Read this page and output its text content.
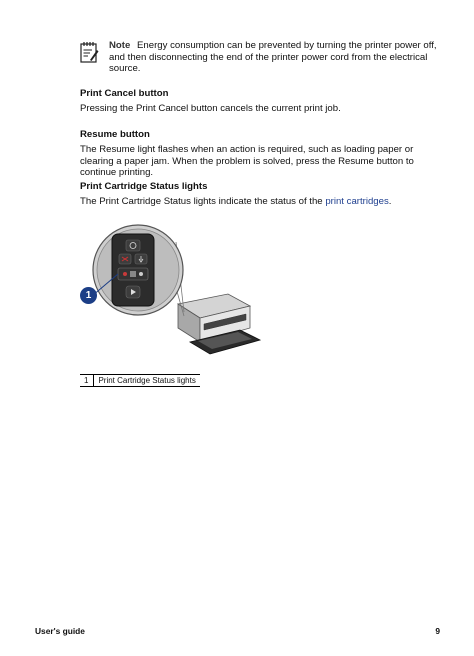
Note Energy consumption can be prevented by turning the printer power off, and then disconnecting the end of the printer power cord from the electrical source.
Print Cancel button
Pressing the Print Cancel button cancels the current print job.
Resume button
The Resume light flashes when an action is required, such as loading paper or clearing a paper jam. When the problem is solved, press the Resume button to continue printing.
Print Cartridge Status lights
The Print Cartridge Status lights indicate the status of the print cartridges.
1
1	Print Cartridge Status lights
User's guide	9
